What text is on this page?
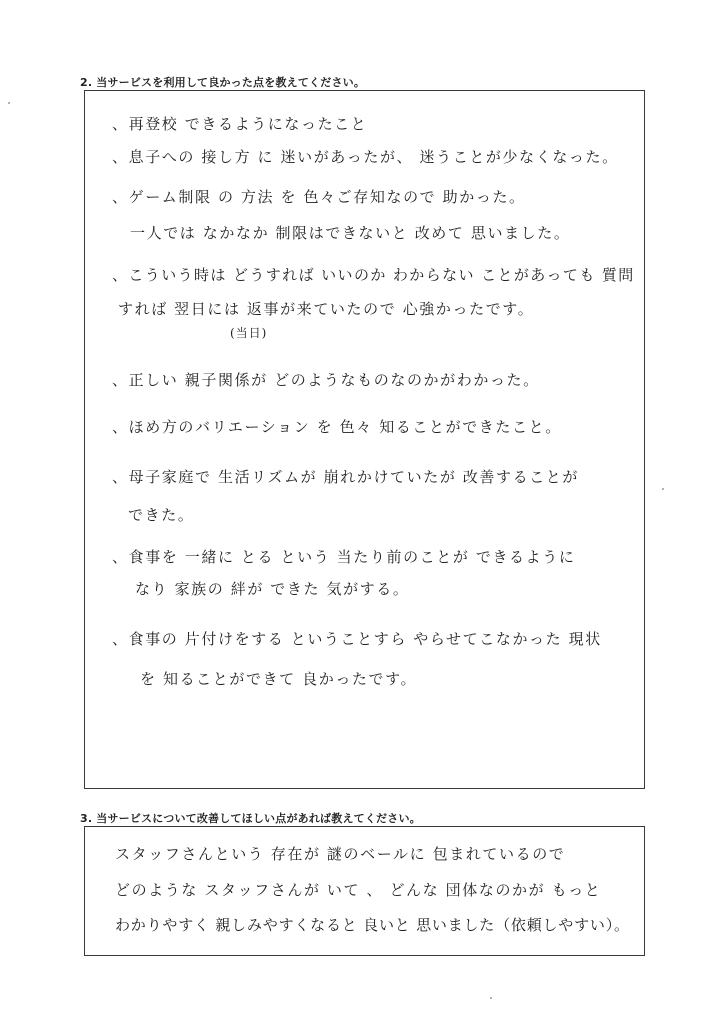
2. 当サービスを利用して良かった点を教えてください。
、再登校 できるようになったこと
、息子への 接し方 に 迷いがあったが、 迷うことが少なくなった。
、ゲーム制限 の 方法 を 色々ご存知なので 助かった。
一人では なかなか 制限はできないと 改めて 思いました。
、こういう時は どうすれば いいのか わからない ことがあっても 質問
すれば 翌日には 返事が来ていたので 心強かったです。
(当日)
、正しい 親子関係が どのようなものなのかがわかった。
、ほめ方のバリエーション を 色々 知ることができたこと。
、母子家庭で 生活リズムが 崩れかけていたが 改善することが
できた。
、食事を 一緒に とる という 当たり前のことが できるように
なり 家族の 絆が できた 気がする。
、食事の 片付けをする ということすら やらせてこなかった 現状
を 知ることができて 良かったです。
3. 当サービスについて改善してほしい点があれば教えてください。
スタッフさんという 存在が 謎のベールに 包まれているので
どのような スタッフさんが いて 、 どんな 団体なのかが もっと
わかりやすく 親しみやすくなると 良いと 思いました（依頼しやすい）。
